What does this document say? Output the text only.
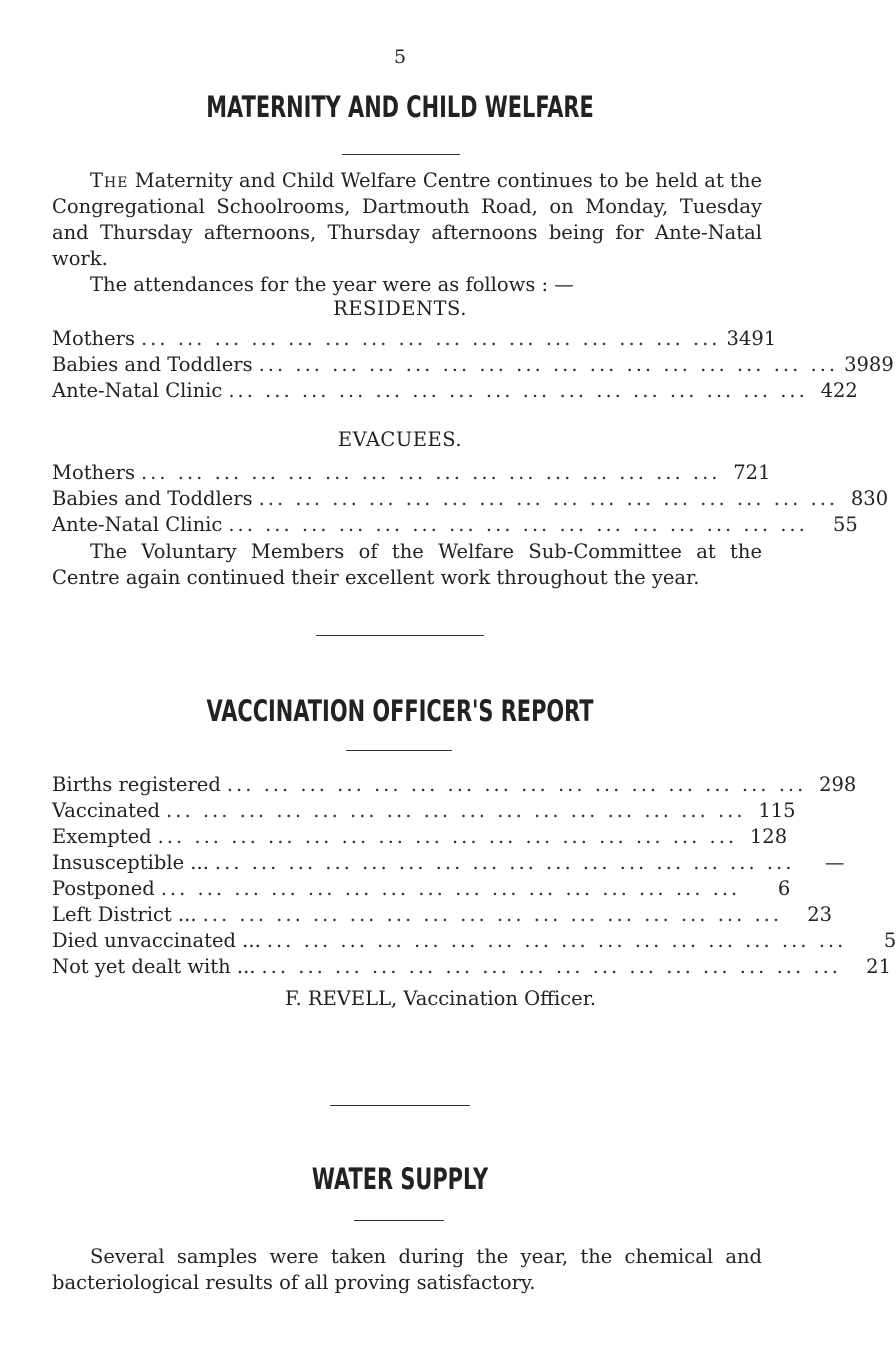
5
MATERNITY AND CHILD WELFARE
The Maternity and Child Welfare Centre continues to be held at the Congregational Schoolrooms, Dartmouth Road, on Monday, Tuesday and Thursday afternoons, Thursday afternoons being for Ante-Natal work.
The attendances for the year were as follows : —
RESIDENTS.
Mothers ... ... ... ... ... ... ... ... ... ... ... ... ... ... ... ... 3491
Babies and Toddlers ... ... ... ... ... ... ... ... ... ... ... ... ... ... ... ... 3989
Ante-Natal Clinic ... ... ... ... ... ... ... ... ... ... ... ... ... ... ... ... 422
EVACUEES.
Mothers ... ... ... ... ... ... ... ... ... ... ... ... ... ... ... ... 721
Babies and Toddlers ... ... ... ... ... ... ... ... ... ... ... ... ... ... ... ... 830
Ante-Natal Clinic ... ... ... ... ... ... ... ... ... ... ... ... ... ... ... ...	55
The Voluntary Members of the Welfare Sub-Committee at the Centre again continued their excellent work throughout the year.
VACCINATION OFFICER'S REPORT
Births registered ... ... ... ... ... ... ... ... ... ... ... ... ... ... ... ... 298
Vaccinated ... ... ... ... ... ... ... ... ... ... ... ... ... ... ... ... 115
Exempted ... ... ... ... ... ... ... ... ... ... ... ... ... ... ... ... 128
Insusceptible ... ... ... ... ... ... ... ... ... ... ... ... ... ... ... ... ...	—
Postponed ... ... ... ... ... ... ... ... ... ... ... ... ... ... ... ...	6
Left District ... ... ... ... ... ... ... ... ... ... ... ... ... ... ... ... ...	23
Died unvaccinated ... ... ... ... ... ... ... ... ... ... ... ... ... ... ... ... ...	5
Not yet dealt with ... ... ... ... ... ... ... ... ... ... ... ... ... ... ... ... ...	21
F. REVELL, Vaccination Officer.
WATER SUPPLY
Several samples were taken during the year, the chemical and bacteriological results of all proving satisfactory.
